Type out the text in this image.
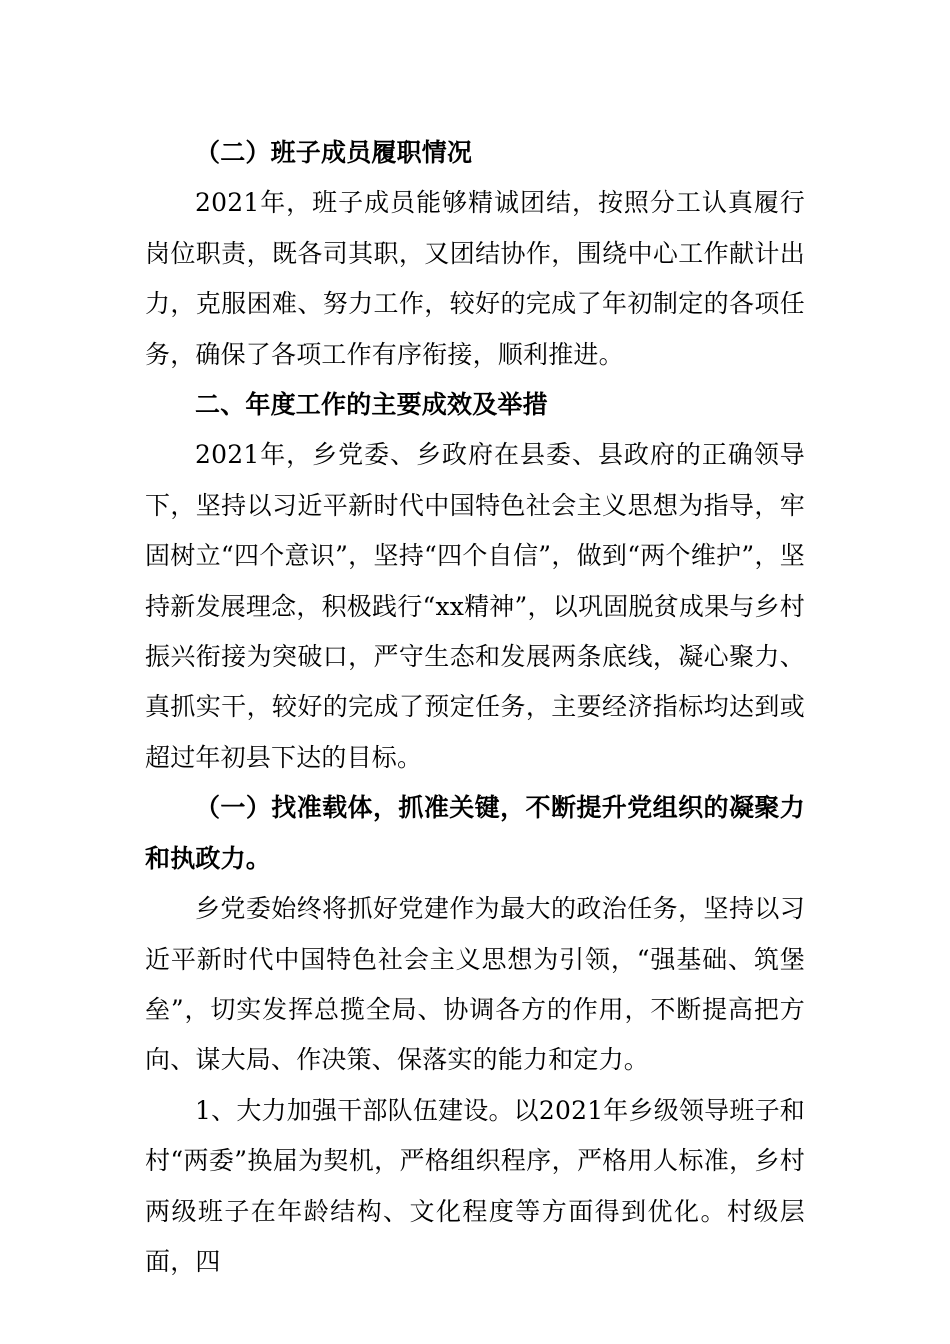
（二）班子成员履职情况

2021年，班子成员能够精诚团结，按照分工认真履行岗位职责，既各司其职，又团结协作，围绕中心工作献计出力，克服困难、努力工作，较好的完成了年初制定的各项任务，确保了各项工作有序衔接，顺利推进。

二、年度工作的主要成效及举措

2021年，乡党委、乡政府在县委、县政府的正确领导下，坚持以习近平新时代中国特色社会主义思想为指导，牢固树立“四个意识”，坚持“四个自信”，做到“两个维护”，坚持新发展理念，积极践行“xx精神”，以巩固脱贫成果与乡村振兴衔接为突破口，严守生态和发展两条底线，凝心聚力、真抓实干，较好的完成了预定任务，主要经济指标均达到或超过年初县下达的目标。

（一）找准载体，抓准关键，不断提升党组织的凝聚力和执政力。

乡党委始终将抓好党建作为最大的政治任务，坚持以习近平新时代中国特色社会主义思想为引领，“强基础、筑堡垒”，切实发挥总揽全局、协调各方的作用，不断提高把方向、谋大局、作决策、保落实的能力和定力。

1、大力加强干部队伍建设。以2021年乡级领导班子和村“两委”换届为契机，严格组织程序，严格用人标准，乡村两级班子在年龄结构、文化程度等方面得到优化。村级层面，四
